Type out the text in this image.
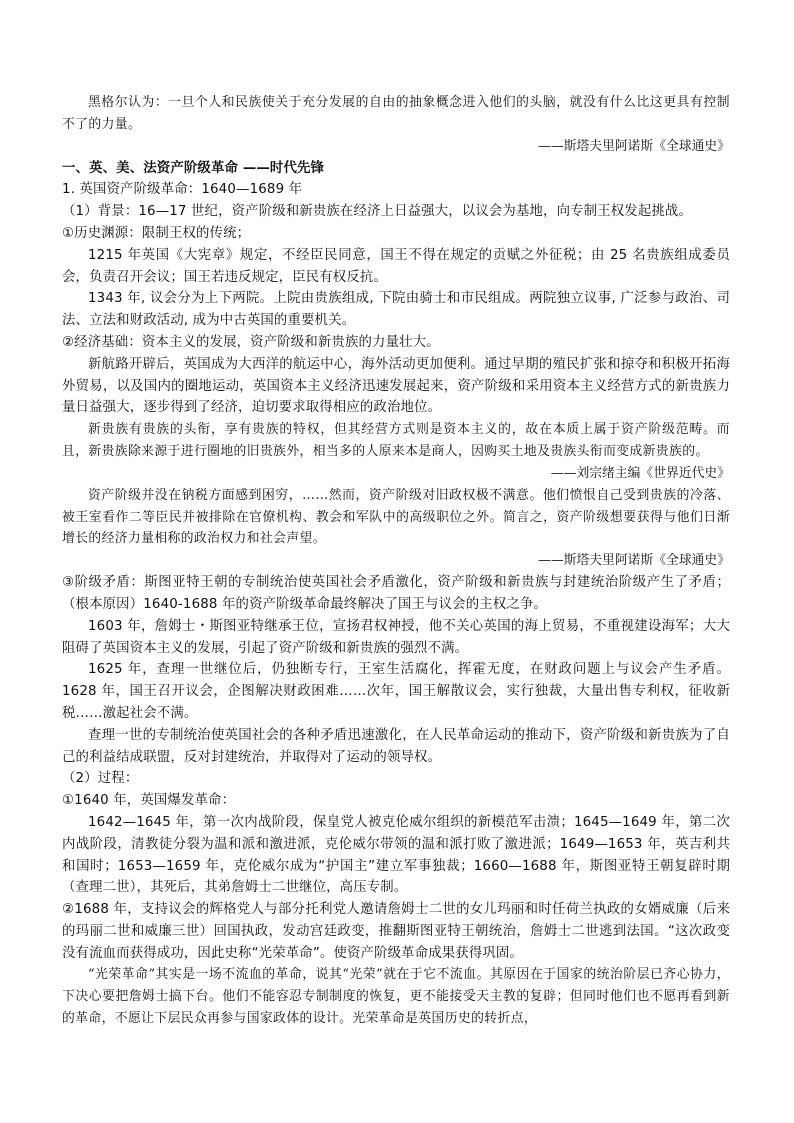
黑格尔认为：一旦个人和民族使关于充分发展的自由的抽象概念进入他们的头脑，就没有什么比这更具有控制不了的力量。

——斯塔夫里阿诺斯《全球通史》

一、英、美、法资产阶级革命 ——时代先锋

1. 英国资产阶级革命：1640—1689 年

（1）背景：16—17 世纪，资产阶级和新贵族在经济上日益强大，以议会为基地，向专制王权发起挑战。

①历史渊源：限制王权的传统；

1215 年英国《大宪章》规定，不经臣民同意，国王不得在规定的贡赋之外征税；由 25 名贵族组成委员会，负责召开会议；国王若违反规定，臣民有权反抗。

1343 年, 议会分为上下两院。上院由贵族组成, 下院由骑士和市民组成。两院独立议事, 广泛参与政治、司法、立法和财政活动, 成为中古英国的重要机关。

②经济基础：资本主义的发展，资产阶级和新贵族的力量壮大。

新航路开辟后，英国成为大西洋的航运中心，海外活动更加便利。通过早期的殖民扩张和掠夺和积极开拓海外贸易，以及国内的圈地运动，英国资本主义经济迅速发展起来，资产阶级和采用资本主义经营方式的新贵族力量日益强大，逐步得到了经济，迫切要求取得相应的政治地位。

新贵族有贵族的头衔，享有贵族的特权，但其经营方式则是资本主义的，故在本质上属于资产阶级范畴。而且，新贵族除来源于进行圈地的旧贵族外，相当多的人原来本是商人，因购买土地及贵族头衔而变成新贵族的。

——刘宗绪主编《世界近代史》

资产阶级并没在钠税方面感到困穷，……然而，资产阶级对旧政权极不满意。他们愤恨自己受到贵族的冷落、被王室看作二等臣民并被排除在官僚机构、教会和军队中的高级职位之外。简言之，资产阶级想要获得与他们日渐增长的经济力量相称的政治权力和社会声望。

——斯塔夫里阿诺斯《全球通史》

③阶级矛盾：斯图亚特王朝的专制统治使英国社会矛盾激化，资产阶级和新贵族与封建统治阶级产生了矛盾；（根本原因）1640-1688 年的资产阶级革命最终解决了国王与议会的主权之争。

1603 年，詹姆士・斯图亚特继承王位，宣扬君权神授，他不关心英国的海上贸易，不重视建设海军；大大阻碍了英国资本主义的发展，引起了资产阶级和新贵族的强烈不满。

1625 年，查理一世继位后，仍独断专行，王室生活腐化，挥霍无度，在财政问题上与议会产生矛盾。1628 年，国王召开议会，企图解决财政困难……次年，国王解散议会，实行独裁，大量出售专利权，征收新税……激起社会不满。

查理一世的专制统治使英国社会的各种矛盾迅速激化，在人民革命运动的推动下，资产阶级和新贵族为了自己的利益结成联盟，反对封建统治，并取得对了运动的领导权。

（2）过程：

①1640 年，英国爆发革命：

1642—1645 年，第一次内战阶段，保皇党人被克伦威尔组织的新模范军击溃；1645—1649 年，第二次内战阶段，清教徒分裂为温和派和激进派，克伦威尔带领的温和派打败了激进派；1649—1653 年，英吉利共和国时；1653—1659 年，克伦威尔成为“护国主”建立军事独裁；1660—1688 年，斯图亚特王朝复辟时期（查理二世），其死后，其弟詹姆士二世继位，高压专制。

②1688 年，支持议会的辉格党人与部分托利党人邀请詹姆士二世的女儿玛丽和时任荷兰执政的女婿威廉（后来的玛丽二世和威廉三世）回国执政，发动宫廷政变，推翻斯图亚特王朝统治，詹姆士二世逃到法国。“这次政变没有流血而获得成功，因此史称“光荣革命”。使资产阶级革命成果获得巩固。

“光荣革命”其实是一场不流血的革命，说其“光荣”就在于它不流血。其原因在于国家的统治阶层已齐心协力，下决心要把詹姆士搞下台。他们不能容忍专制制度的恢复，更不能接受天主教的复辟；但同时他们也不愿再看到新的革命，不愿让下层民众再参与国家政体的设计。光荣革命是英国历史的转折点，
